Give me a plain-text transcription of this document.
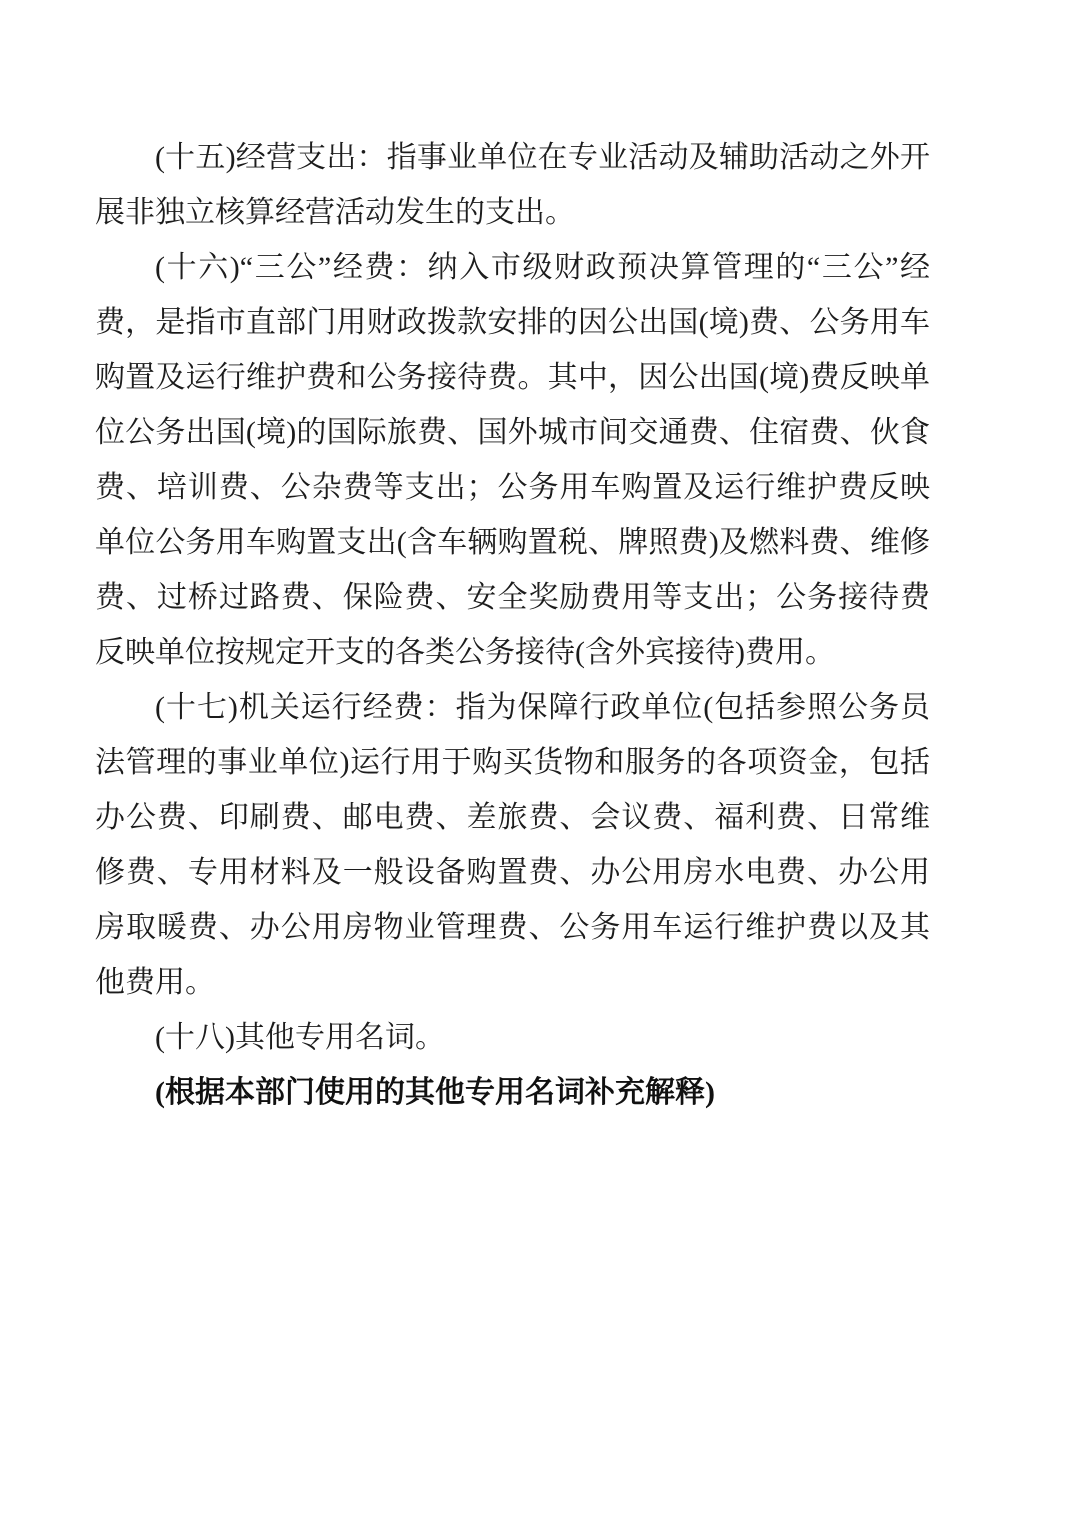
(十五)经营支出：指事业单位在专业活动及辅助活动之外开展非独立核算经营活动发生的支出。

(十六)“三公”经费：纳入市级财政预决算管理的“三公”经费，是指市直部门用财政拨款安排的因公出国(境)费、公务用车购置及运行维护费和公务接待费。其中，因公出国(境)费反映单位公务出国(境)的国际旅费、国外城市间交通费、住宿费、伙食费、培训费、公杂费等支出；公务用车购置及运行维护费反映单位公务用车购置支出(含车辆购置税、牌照费)及燃料费、维修费、过桥过路费、保险费、安全奖励费用等支出；公务接待费反映单位按规定开支的各类公务接待(含外宾接待)费用。

(十七)机关运行经费：指为保障行政单位(包括参照公务员法管理的事业单位)运行用于购买货物和服务的各项资金，包括办公费、印刷费、邮电费、差旅费、会议费、福利费、日常维修费、专用材料及一般设备购置费、办公用房水电费、办公用房取暖费、办公用房物业管理费、公务用车运行维护费以及其他费用。

(十八)其他专用名词。

(根据本部门使用的其他专用名词补充解释)
